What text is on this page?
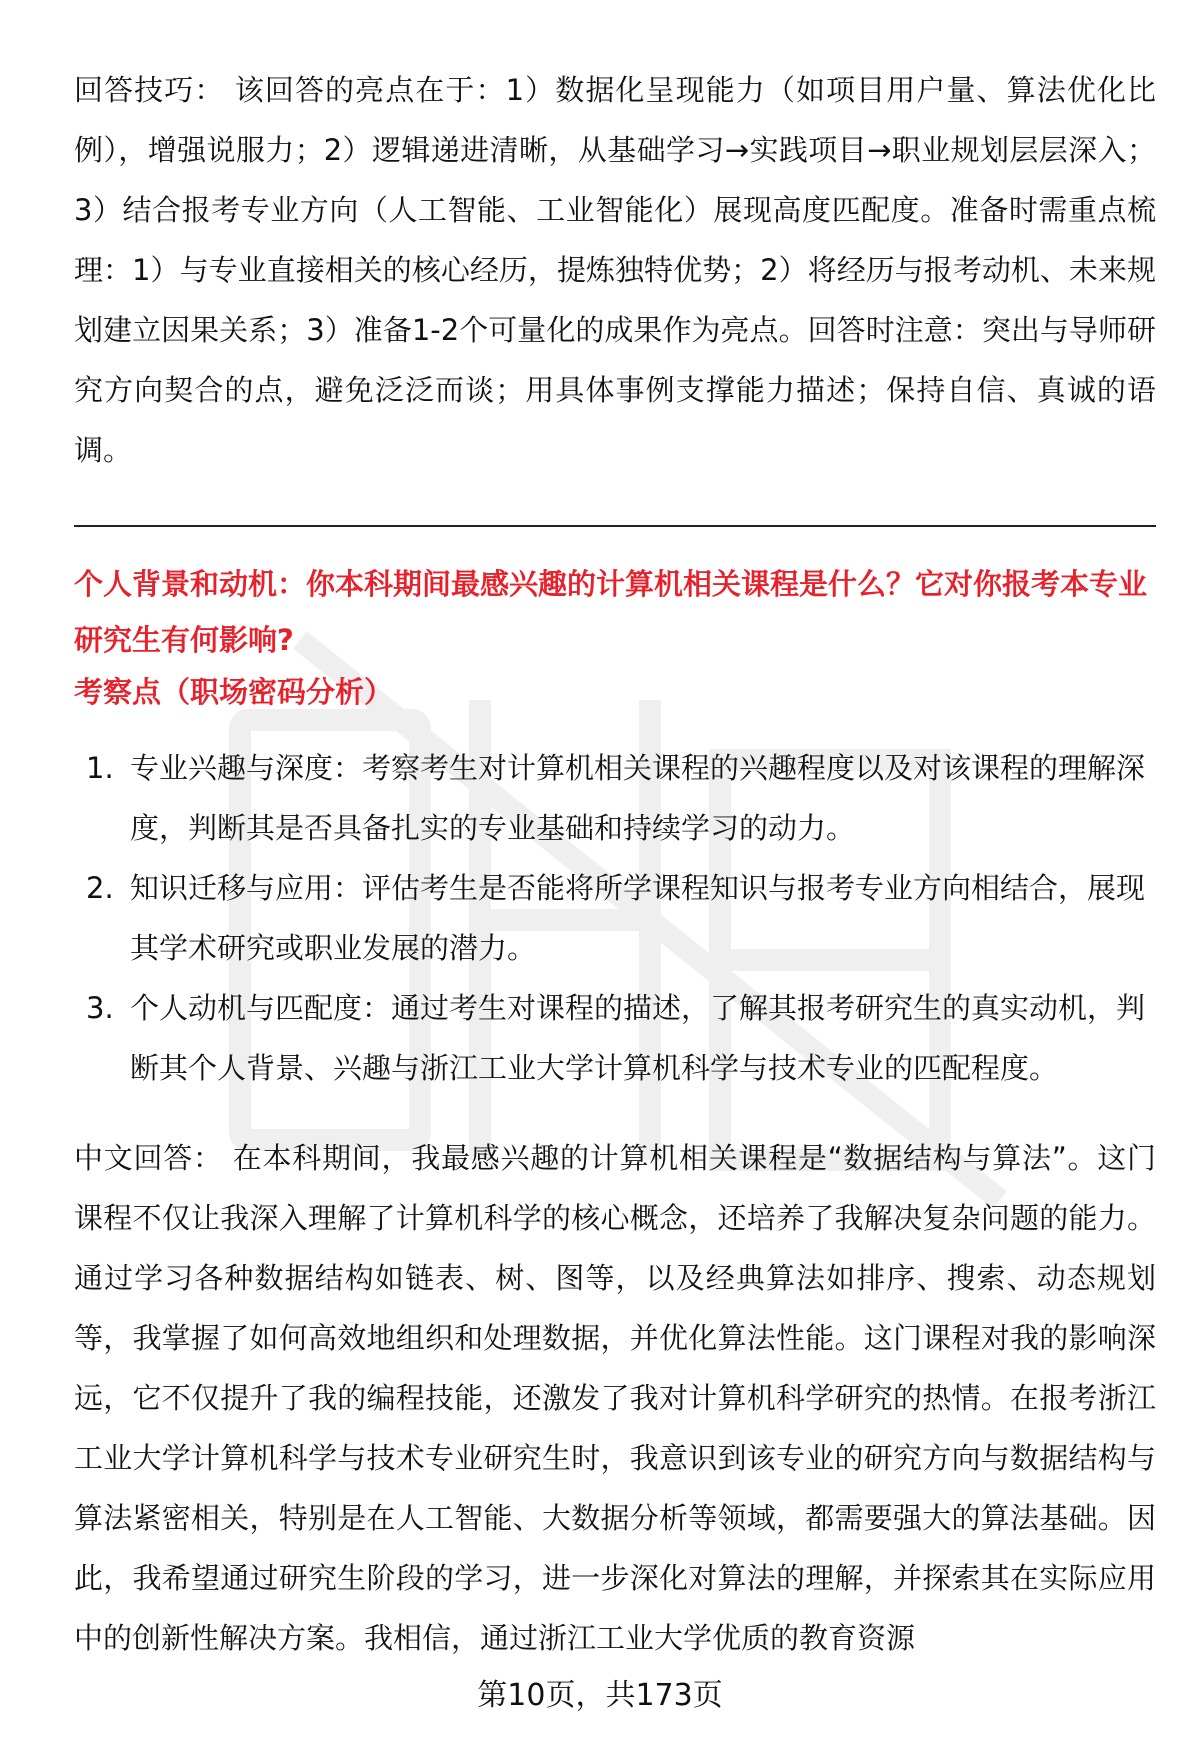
回答技巧： 该回答的亮点在于：1）数据化呈现能力（如项目用户量、算法优化比例），增强说服力；2）逻辑递进清晰，从基础学习→实践项目→职业规划层层深入；3）结合报考专业方向（人工智能、工业智能化）展现高度匹配度。准备时需重点梳理：1）与专业直接相关的核心经历，提炼独特优势；2）将经历与报考动机、未来规划建立因果关系；3）准备1-2个可量化的成果作为亮点。回答时注意：突出与导师研究方向契合的点，避免泛泛而谈；用具体事例支撑能力描述；保持自信、真诚的语调。

个人背景和动机：你本科期间最感兴趣的计算机相关课程是什么？它对你报考本专业研究生有何影响?
考察点（职场密码分析）
1. 专业兴趣与深度：考察考生对计算机相关课程的兴趣程度以及对该课程的理解深度，判断其是否具备扎实的专业基础和持续学习的动力。
2. 知识迁移与应用：评估考生是否能将所学课程知识与报考专业方向相结合，展现其学术研究或职业发展的潜力。
3. 个人动机与匹配度：通过考生对课程的描述，了解其报考研究生的真实动机，判断其个人背景、兴趣与浙江工业大学计算机科学与技术专业的匹配程度。

中文回答： 在本科期间，我最感兴趣的计算机相关课程是“数据结构与算法”。这门课程不仅让我深入理解了计算机科学的核心概念，还培养了我解决复杂问题的能力。通过学习各种数据结构如链表、树、图等，以及经典算法如排序、搜索、动态规划等，我掌握了如何高效地组织和处理数据，并优化算法性能。这门课程对我的影响深远，它不仅提升了我的编程技能，还激发了我对计算机科学研究的热情。在报考浙江工业大学计算机科学与技术专业研究生时，我意识到该专业的研究方向与数据结构与算法紧密相关，特别是在人工智能、大数据分析等领域，都需要强大的算法基础。因此，我希望通过研究生阶段的学习，进一步深化对算法的理解，并探索其在实际应用中的创新性解决方案。我相信，通过浙江工业大学优质的教育资源

第10页，共173页
